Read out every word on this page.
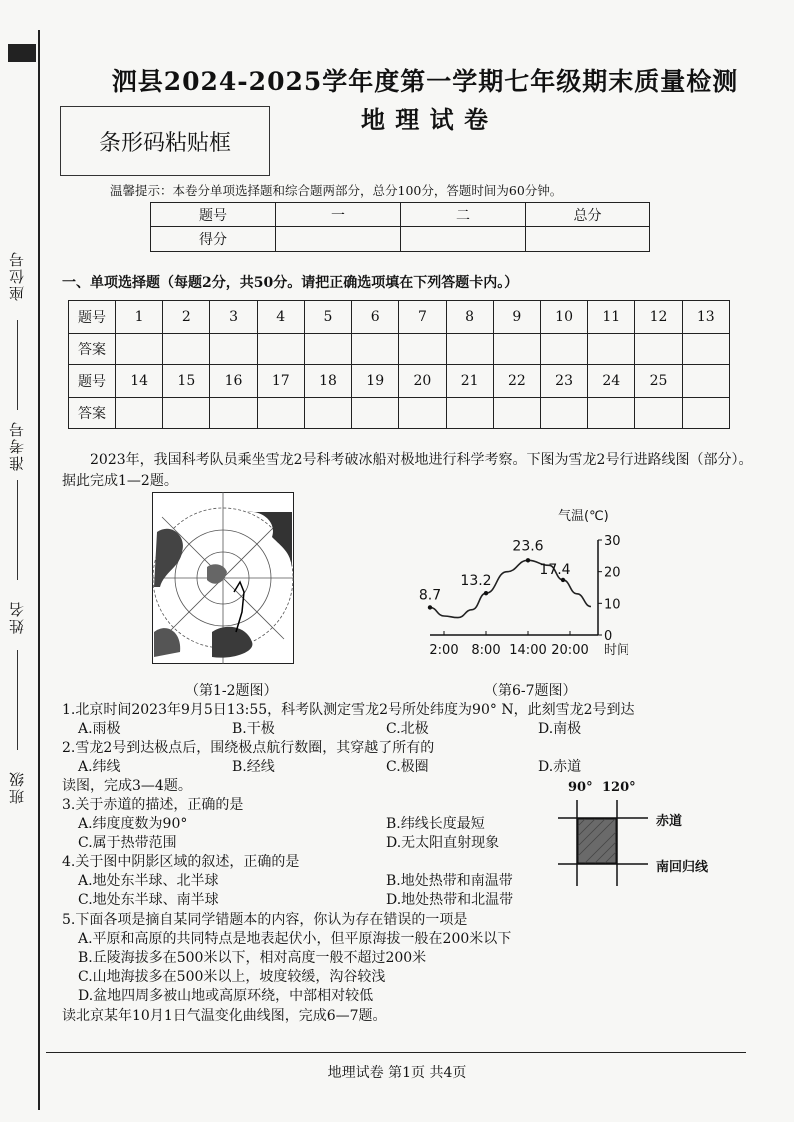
座位号
准考号
姓名
班级
泗县2024-2025学年度第一学期七年级期末质量检测
地 理 试 卷
条形码粘贴框
温馨提示：本卷分单项选择题和综合题两部分，总分100分，答题时间为60分钟。
题号	一	二	总分
得分			
一、单项选择题（每题2分，共50分。请把正确选项填在下列答题卡内。）
题号	1	2	3	4	5	6	7	8	9	10	11	12	13
答案													
题号	14	15	16	17	18	19	20	21	22	23	24	25	
答案													
2023年，我国科考队员乘坐雪龙2号科考破冰船对极地进行科学考察。下图为雪龙2号行进路线图（部分）。据此完成1—2题。
（第1-2题图）
0
10
20
30
气温(℃)
2:00 8:00 14:00 20:00 时间
8.7
13.2
23.6
17.4
（第6-7题图）
1.北京时间2023年9月5日13:55，科考队测定雪龙2号所处纬度为90° N，此刻雪龙2号到达
A.雨极	B.干极	C.北极	D.南极
2.雪龙2号到达极点后，围绕极点航行数圈，其穿越了所有的
A.纬线	B.经线	C.极圈	D.赤道
读图，完成3—4题。
3.关于赤道的描述，正确的是
A.纬度度数为90°	B.纬线长度最短
C.属于热带范围	D.无太阳直射现象
4.关于图中阴影区域的叙述，正确的是
A.地处东半球、北半球	B.地处热带和南温带
C.地处东半球、南半球	D.地处热带和北温带
5.下面各项是摘自某同学错题本的内容，你认为存在错误的一项是
A.平原和高原的共同特点是地表起伏小，但平原海拔一般在200米以下
B.丘陵海拔多在500米以下，相对高度一般不超过200米
C.山地海拔多在500米以上，坡度较缓，沟谷较浅
D.盆地四周多被山地或高原环绕，中部相对较低
读北京某年10月1日气温变化曲线图，完成6—7题。
90° 120°
赤道
南回归线
地理试卷 第1页 共4页
